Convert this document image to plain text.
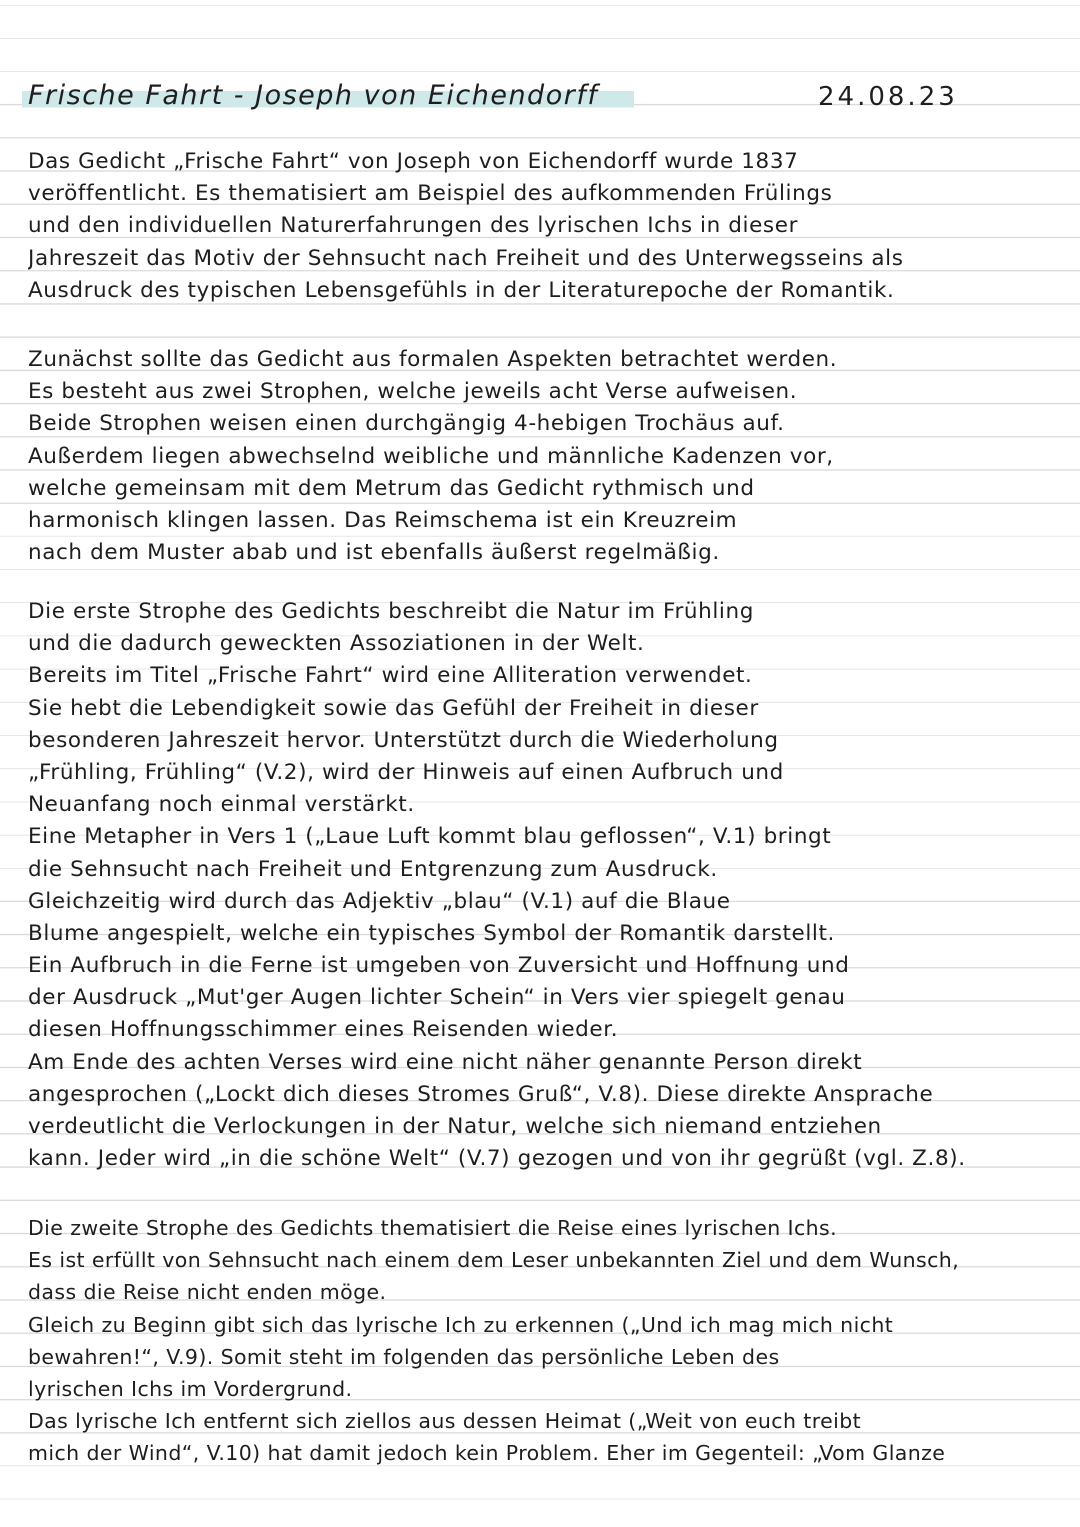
Frische Fahrt - Joseph von Eichendorff	24.08.23

Das Gedicht „Frische Fahrt“ von Joseph von Eichendorff wurde 1837
veröffentlicht. Es thematisiert am Beispiel des aufkommenden Frülings
und den individuellen Naturerfahrungen des lyrischen Ichs in dieser
Jahreszeit das Motiv der Sehnsucht nach Freiheit und des Unterwegsseins als
Ausdruck des typischen Lebensgefühls in der Literaturepoche der Romantik.

Zunächst sollte das Gedicht aus formalen Aspekten betrachtet werden.
Es besteht aus zwei Strophen, welche jeweils acht Verse aufweisen.
Beide Strophen weisen einen durchgängig 4-hebigen Trochäus auf.
Außerdem liegen abwechselnd weibliche und männliche Kadenzen vor,
welche gemeinsam mit dem Metrum das Gedicht rythmisch und
harmonisch klingen lassen. Das Reimschema ist ein Kreuzreim
nach dem Muster abab und ist ebenfalls äußerst regelmäßig.

Die erste Strophe des Gedichts beschreibt die Natur im Frühling
und die dadurch geweckten Assoziationen in der Welt.
Bereits im Titel „Frische Fahrt“ wird eine Alliteration verwendet.
Sie hebt die Lebendigkeit sowie das Gefühl der Freiheit in dieser
besonderen Jahreszeit hervor. Unterstützt durch die Wiederholung
„Frühling, Frühling“ (V.2), wird der Hinweis auf einen Aufbruch und
Neuanfang noch einmal verstärkt.
Eine Metapher in Vers 1 („Laue Luft kommt blau geflossen“, V.1) bringt
die Sehnsucht nach Freiheit und Entgrenzung zum Ausdruck.
Gleichzeitig wird durch das Adjektiv „blau“ (V.1) auf die Blaue
Blume angespielt, welche ein typisches Symbol der Romantik darstellt.
Ein Aufbruch in die Ferne ist umgeben von Zuversicht und Hoffnung und
der Ausdruck „Mut'ger Augen lichter Schein“ in Vers vier spiegelt genau
diesen Hoffnungsschimmer eines Reisenden wieder.
Am Ende des achten Verses wird eine nicht näher genannte Person direkt
angesprochen („Lockt dich dieses Stromes Gruß“, V.8). Diese direkte Ansprache
verdeutlicht die Verlockungen in der Natur, welche sich niemand entziehen
kann. Jeder wird „in die schöne Welt“ (V.7) gezogen und von ihr gegrüßt (vgl. Z.8).

Die zweite Strophe des Gedichts thematisiert die Reise eines lyrischen Ichs.
Es ist erfüllt von Sehnsucht nach einem dem Leser unbekannten Ziel und dem Wunsch,
dass die Reise nicht enden möge.
Gleich zu Beginn gibt sich das lyrische Ich zu erkennen („Und ich mag mich nicht
bewahren!“, V.9). Somit steht im folgenden das persönliche Leben des
lyrischen Ichs im Vordergrund.
Das lyrische Ich entfernt sich ziellos aus dessen Heimat („Weit von euch treibt
mich der Wind“, V.10) hat damit jedoch kein Problem. Eher im Gegenteil: „Vom Glanze
